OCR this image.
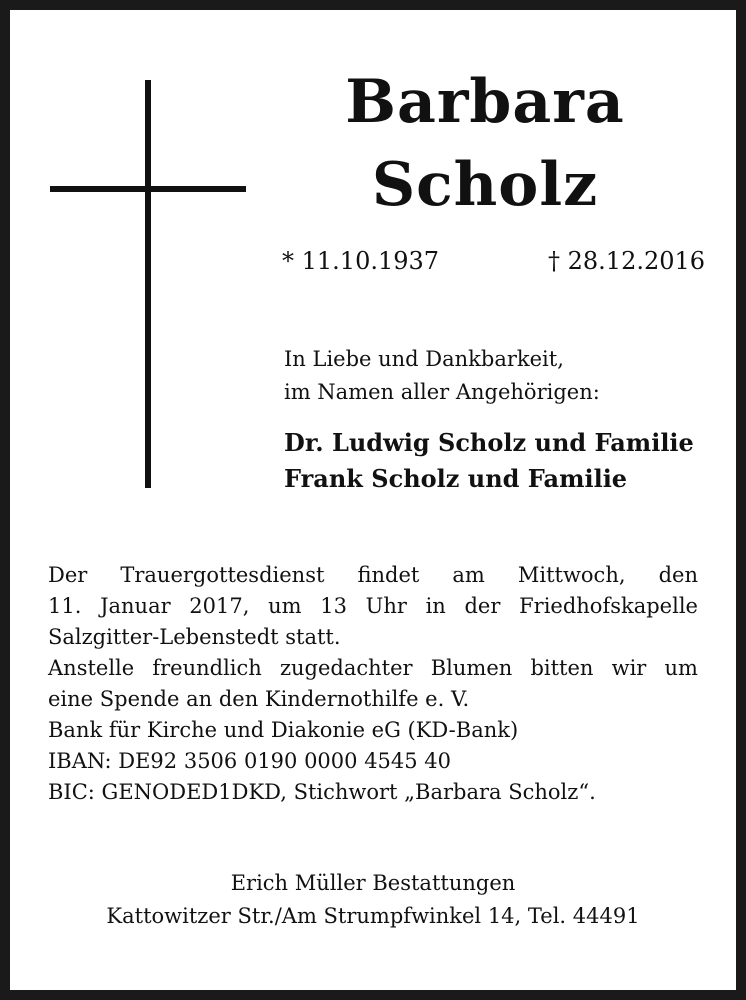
Barbara
Scholz
* 11.10.1937	† 28.12.2016
In Liebe und Dankbarkeit,
im Namen aller Angehörigen:
Dr. Ludwig Scholz und Familie
Frank Scholz und Familie
Der Trauergottesdienst findet am Mittwoch, den
11. Januar 2017, um 13 Uhr in der Friedhofskapelle
Salzgitter-Lebenstedt statt.
Anstelle freundlich zugedachter Blumen bitten wir um
eine Spende an den Kindernothilfe e. V.
Bank für Kirche und Diakonie eG (KD-Bank)
IBAN: DE92 3506 0190 0000 4545 40
BIC: GENODED1DKD, Stichwort „Barbara Scholz“.
Erich Müller Bestattungen
Kattowitzer Str./Am Strumpfwinkel 14, Tel. 44491
